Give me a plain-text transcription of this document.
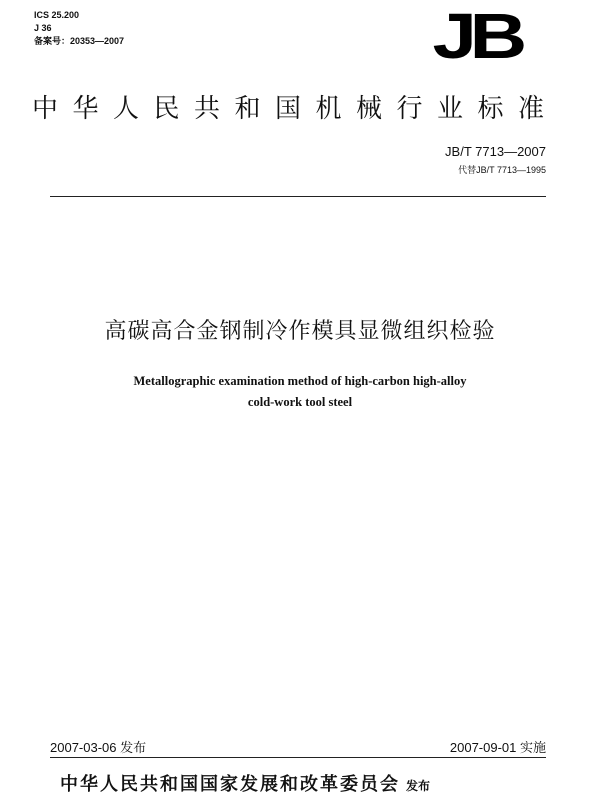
ICS 25.200
J 36
备案号：20353—2007	JB
中华人民共和国机械行业标准
JB/T 7713—2007
代替JB/T 7713—1995
高碳高合金钢制冷作模具显微组织检验
Metallographic examination method of high-carbon high-alloy
cold-work tool steel
2007-03-06 发布	2007-09-01 实施
中华人民共和国国家发展和改革委员会 发布
